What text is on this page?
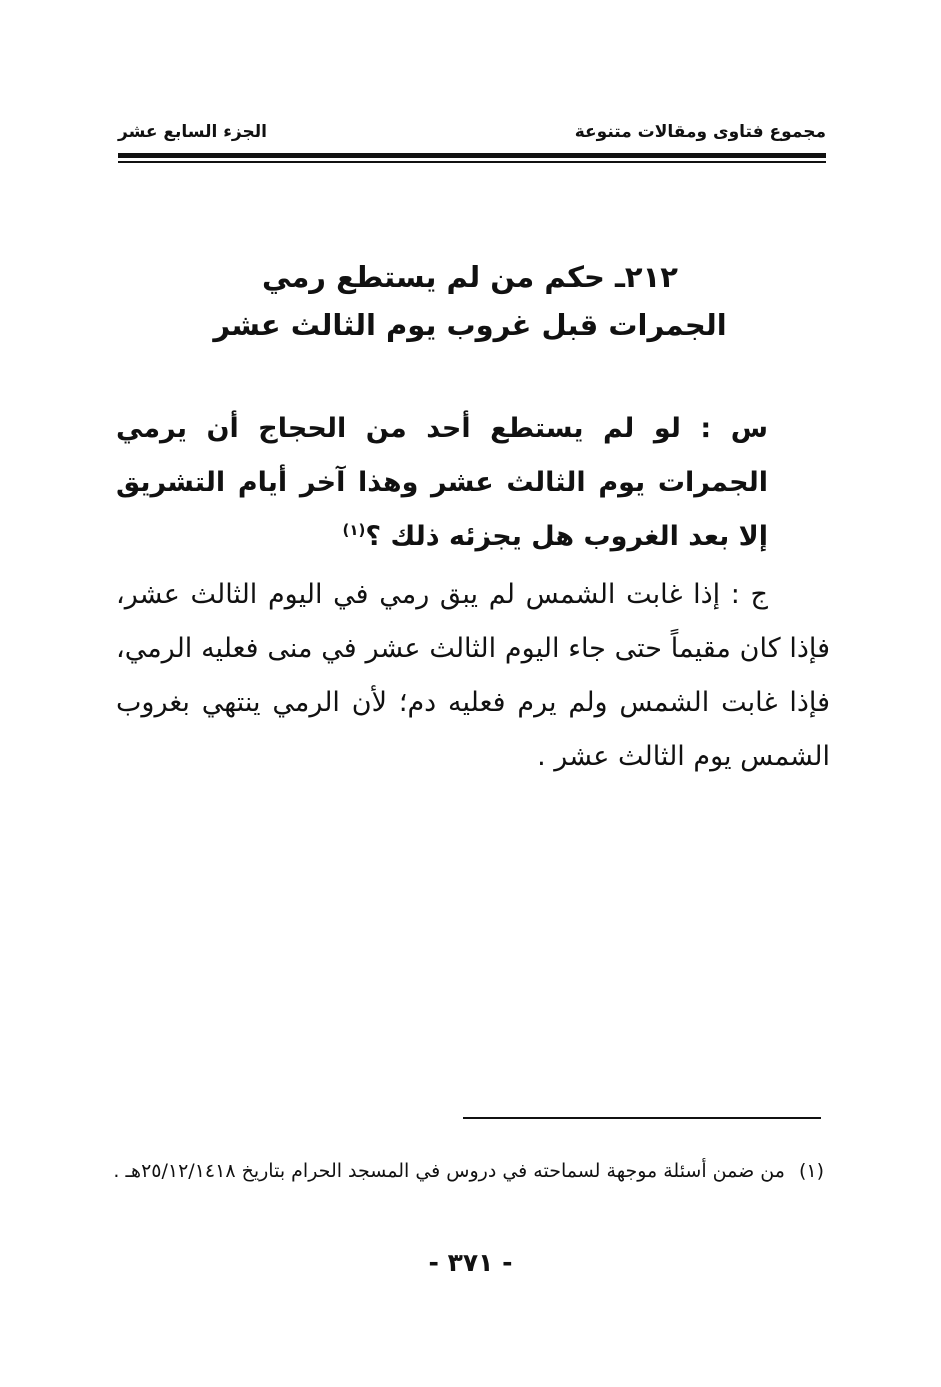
مجموع فتاوى ومقالات متنوعة
الجزء السابع عشر
٢١٢ـ حكم من لم يستطع رمي
الجمرات قبل غروب يوم الثالث عشر

س : لو لم يستطع أحد من الحجاج أن يرمي الجمرات يوم الثالث عشر وهذا آخر أيام التشريق إلا بعد الغروب هل يجزئه ذلك ؟$^{(١)}$

ج : إذا غابت الشمس لم يبق رمي في اليوم الثالث عشر، فإذا كان مقيماً حتى جاء اليوم الثالث عشر في منى فعليه الرمي، فإذا غابت الشمس ولم يرم فعليه دم؛ لأن الرمي ينتهي بغروب الشمس يوم الثالث عشر .

(١)من ضمن أسئلة موجهة لسماحته في دروس في المسجد الحرام بتاريخ ٢٥/١٢/١٤١٨هـ .
- ٣٧١ -
